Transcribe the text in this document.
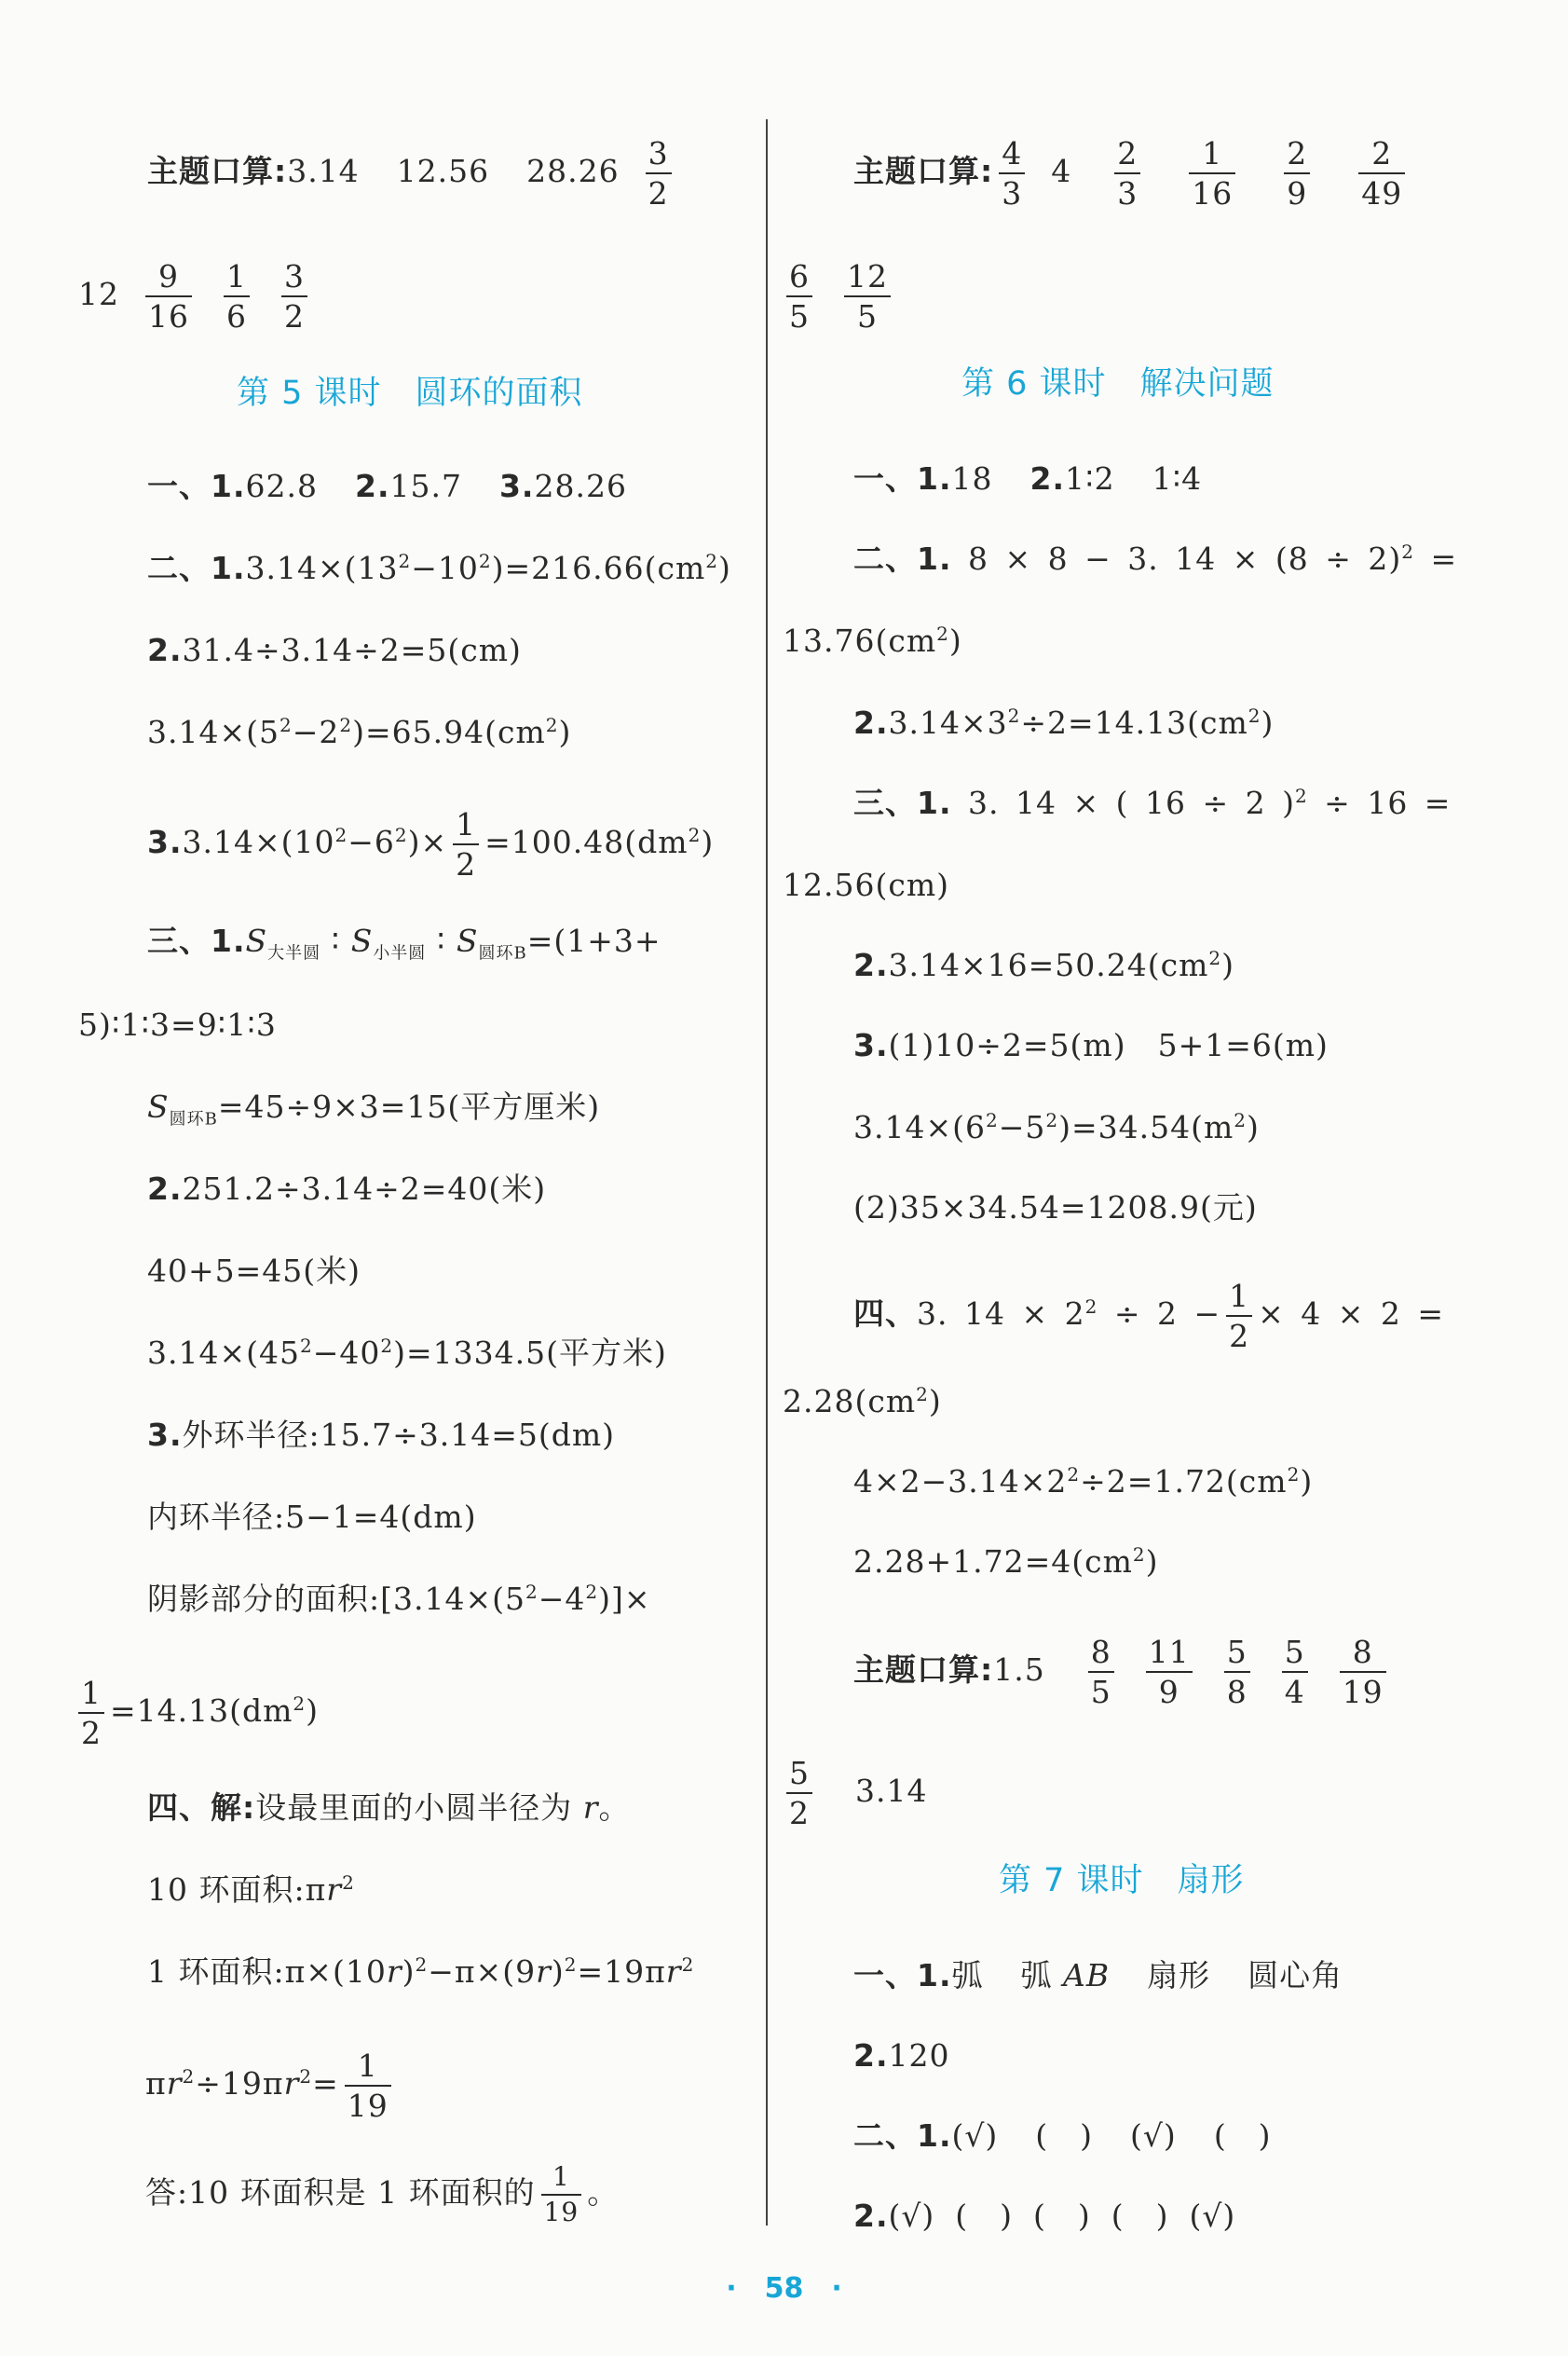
主题口算:3.14 12.56 $28.26 \frac{3}{2}$
$12 \frac{9}{16} \frac{1}{6} \frac{3}{2}$
第 5 课时　圆环的面积
一、1.62.8 2.15.7 3.28.26
二、$1.3.14\times(13^2-10^2)=216.66(cm^2)$
2.31.4÷3.14÷2=5(cm)
$3.14\times(5^2-2^2)=65.94(cm^2)$
$3.3.14\times(10^2-6^2)\times \frac{1}{2} =100.48(dm^2)$
三、$1.S_{大半圆}$ ∶ $S_{小半圆}$ ∶ $S_{圆环B}=(1+3+$
5)∶1∶3=9∶1∶3
$S_{圆环B}=45\div 9\times 3=15$(平方厘米)
2.251.2÷3.14÷2=40(米)
40+5=45(米)
$3.14\times(45^2-40^2)=1334.5$(平方米)
3.外环半径:15.7÷3.14=5(dm)
内环半径:5−1=4(dm)
阴影部分的面积$:[3.14\times(5^2-4^2)]\times$
$\frac{1}{2} =14.13(dm^2)$
四、解:设最里面的小圆半径为 r。
10 环面积$:\pi r^2$
1 环面积$:\pi\times(10r)^2-\pi\times(9r)^2=19\pi r^2$
$\pi r^2\div 19\pi r^2= \frac{1}{19}$
答:10 环面积是 1 环面积的 $\frac{1}{19}$ 。
主题口算: $\frac{4}{3} 4 \frac{2}{3} \frac{1}{16} \frac{2}{9} \frac{2}{49}$
$\frac{6}{5} \frac{12}{5}$
第 6 课时　解决问题
一、1.18 2.1∶2 1∶4
二、1. 8 × 8 − 3. $14 \times (8 \div 2)^2$ =
$13.76(cm^2)$
$2.3.14\times 3^2\div 2=14.13(cm^2)$
三、1. 3. 14 × ( 16 ÷ 2 )$^2$ ÷ 16 =
12.56(cm)
$2.3.14\times 16=50.24(cm^2)$
3.(1)10÷2=5(m)　5+1=6(m)
$3.14\times(6^2-5^2)=34.54(m^2)$
(2)35×34.54=1208.9(元)
四、3. $14 \times 2^2 \div 2 - \frac{1}{2} \times 4 \times 2$ =
$2.28(cm^2)$
$4\times 2-3.14\times 2^2\div 2=1.72(cm^2)$
$2.28+1.72=4(cm^2)$
主题口算:1.5 $\frac{8}{5} \frac{11}{9} \frac{5}{8} \frac{5}{4} \frac{8}{19}$
$\frac{5}{2} 3.14$
第 7 课时　扇形
一、1.弧 弧 AB 扇形 圆心角
2.120
二、1.(√) (　) (√) (　)
2.(√) (　) (　) (　) (√)
·　58　·
